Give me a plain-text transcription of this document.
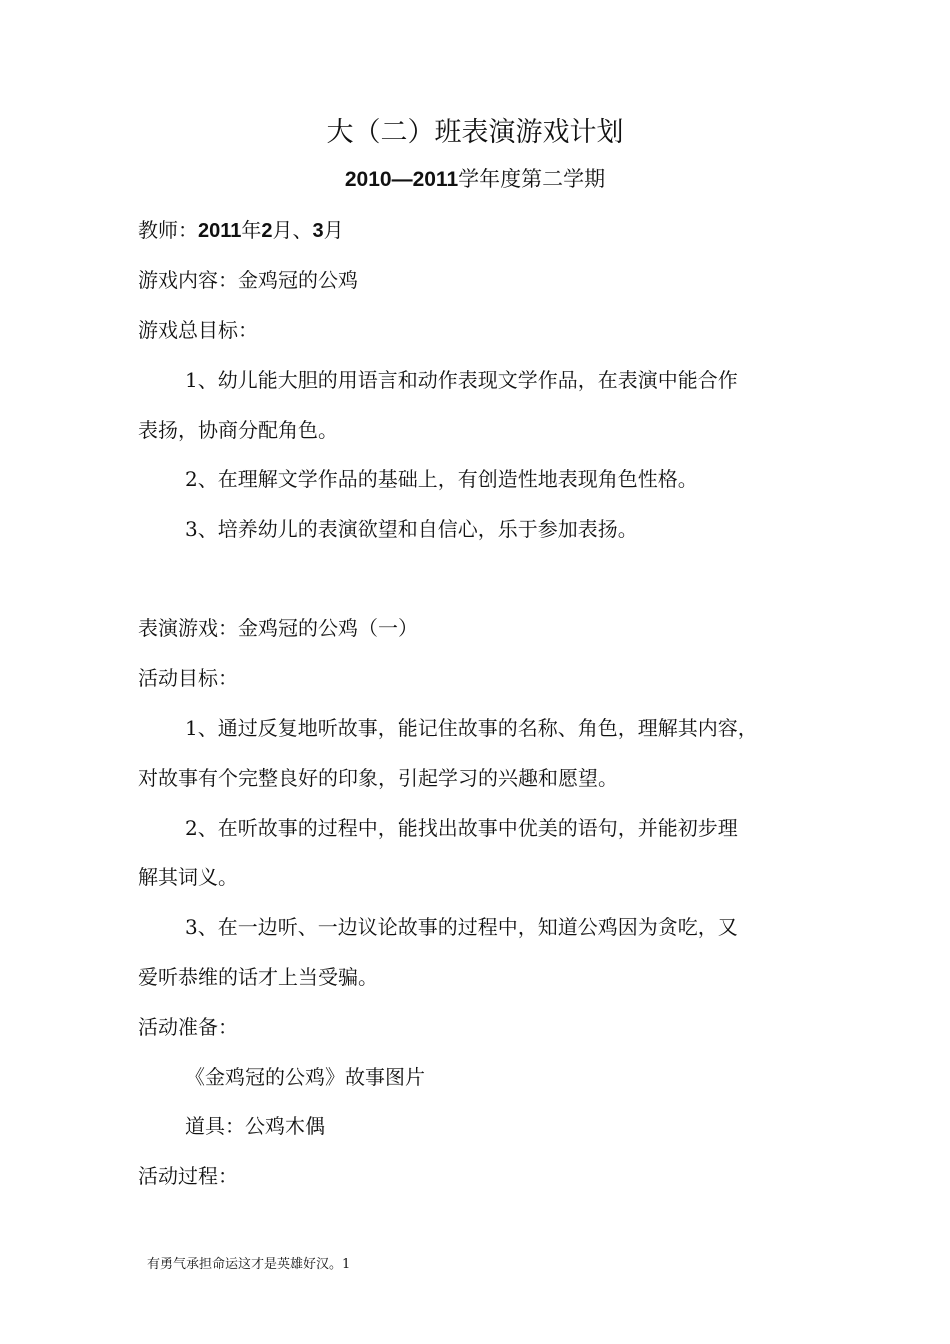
大（二）班表演游戏计划
2010—2011学年度第二学期
教师：2011年2月、3月
游戏内容：金鸡冠的公鸡
游戏总目标：
1、幼儿能大胆的用语言和动作表现文学作品，在表演中能合作
表扬，协商分配角色。
2、在理解文学作品的基础上，有创造性地表现角色性格。
3、培养幼儿的表演欲望和自信心，乐于参加表扬。
表演游戏：金鸡冠的公鸡（一）
活动目标：
1、通过反复地听故事，能记住故事的名称、角色，理解其内容，
对故事有个完整良好的印象，引起学习的兴趣和愿望。
2、在听故事的过程中，能找出故事中优美的语句，并能初步理
解其词义。
3、在一边听、一边议论故事的过程中，知道公鸡因为贪吃，又
爱听恭维的话才上当受骗。
活动准备：
《金鸡冠的公鸡》故事图片
道具：公鸡木偶
活动过程：
有勇气承担命运这才是英雄好汉。1
